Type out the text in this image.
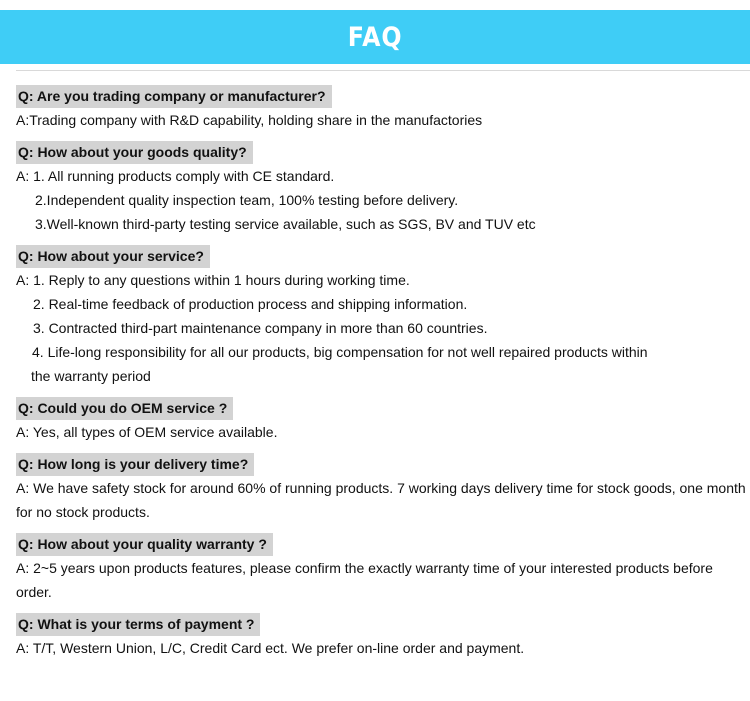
FAQ
Q: Are you trading company or manufacturer?
A:Trading company with R&D capability, holding share in the manufactories
Q: How about your goods quality?
A: 1. All running products comply with CE standard.
2.Independent quality inspection team, 100% testing before delivery.
3.Well-known third-party testing service available, such as SGS, BV and TUV etc
Q: How about your service?
A: 1. Reply to any questions within 1 hours during working time.
2. Real-time feedback of production process and shipping information.
3. Contracted third-part maintenance company in more than 60 countries.
4. Life-long responsibility for all our products, big compensation for not well repaired products within
the warranty period
Q: Could you do OEM service ?
A: Yes, all types of OEM service available.
Q: How long is your delivery time?
A: We have safety stock for around 60% of running products. 7 working days delivery time for stock goods, one month
for no stock products.
Q: How about your quality warranty ?
A: 2~5 years upon products features, please confirm the exactly warranty time of your interested products before
order.
Q: What is your terms of payment ?
A: T/T, Western Union, L/C, Credit Card ect. We prefer on-line order and payment.
